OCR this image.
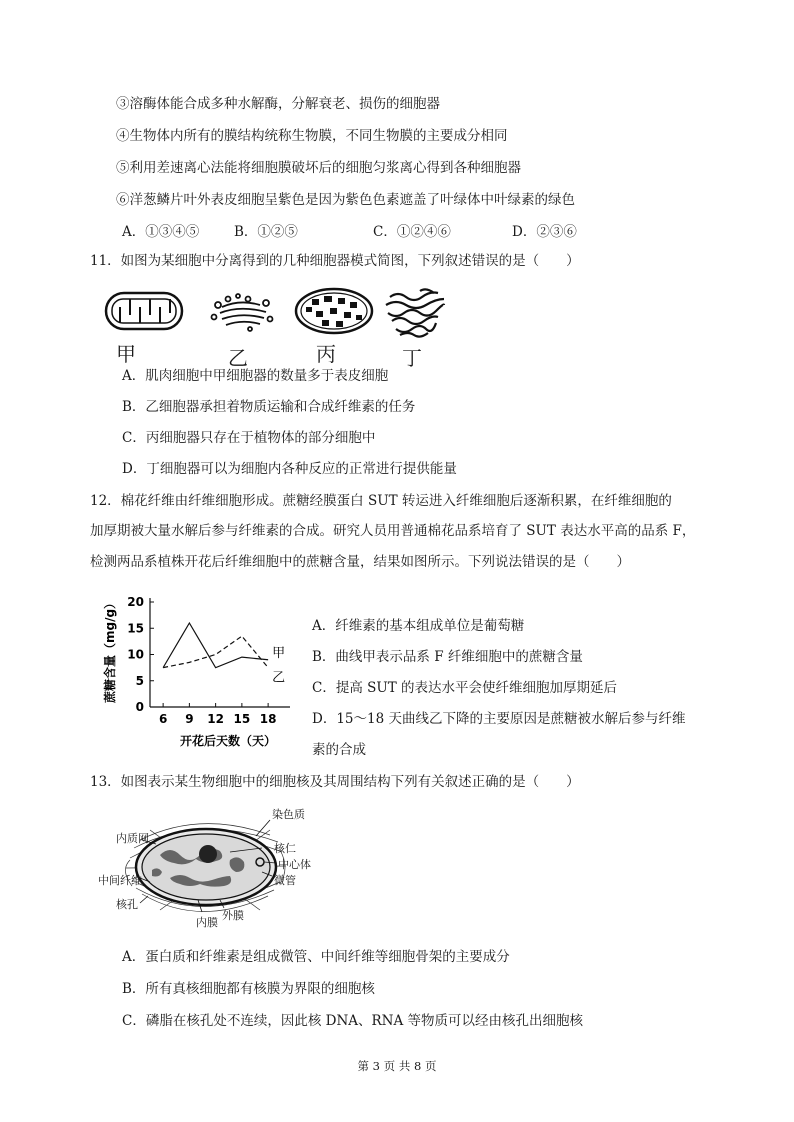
③溶酶体能合成多种水解酶，分解衰老、损伤的细胞器
④生物体内所有的膜结构统称生物膜，不同生物膜的主要成分相同
⑤利用差速离心法能将细胞膜破坏后的细胞匀浆离心得到各种细胞器
⑥洋葱鳞片叶外表皮细胞呈紫色是因为紫色色素遮盖了叶绿体中叶绿素的绿色
A．①③④⑤	B．①②⑤	C．①②④⑥	D．②③⑥
11．如图为某细胞中分离得到的几种细胞器模式简图，下列叙述错误的是（　　）
甲	乙	丙	丁
A．肌肉细胞中甲细胞器的数量多于表皮细胞
B．乙细胞器承担着物质运输和合成纤维素的任务
C．丙细胞器只存在于植物体的部分细胞中
D．丁细胞器可以为细胞内各种反应的正常进行提供能量
12．棉花纤维由纤维细胞形成。蔗糖经膜蛋白 SUT 转运进入纤维细胞后逐渐积累，在纤维细胞的
加厚期被大量水解后参与纤维素的合成。研究人员用普通棉花品系培育了 SUT 表达水平高的品系 F，
检测两品系植株开花后纤维细胞中的蔗糖含量，结果如图所示。下列说法错误的是（　　）
蔗糖含量（mg/g）
开花后天数（天）
0
5
10
15
20
6 9 12 15 18
甲
乙
A．纤维素的基本组成单位是葡萄糖
B．曲线甲表示品系 F 纤维细胞中的蔗糖含量
C．提高 SUT 的表达水平会使纤维细胞加厚期延后
D．15～18 天曲线乙下降的主要原因是蔗糖被水解后参与纤维
素的合成
13．如图表示某生物细胞中的细胞核及其周围结构下列有关叙述正确的是（　　）
染色质
内质网
核仁
中心体
微管
中间纤维
核孔
内膜
外膜
A．蛋白质和纤维素是组成微管、中间纤维等细胞骨架的主要成分
B．所有真核细胞都有核膜为界限的细胞核
C．磷脂在核孔处不连续，因此核 DNA、RNA 等物质可以经由核孔出细胞核
第 3 页 共 8 页
